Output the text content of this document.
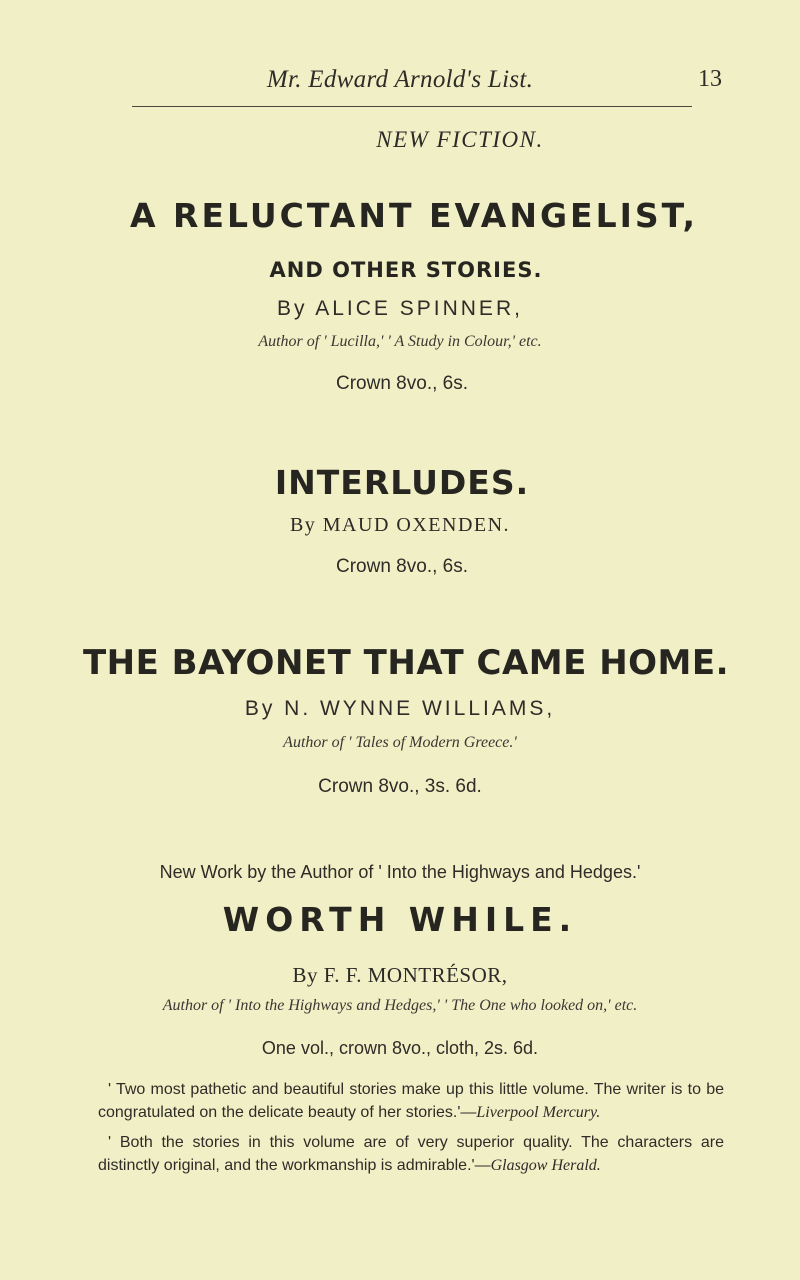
Mr. Edward Arnold's List.	13
NEW FICTION.
A RELUCTANT EVANGELIST,
AND OTHER STORIES.
By ALICE SPINNER,
Author of ' Lucilla,' ' A Study in Colour,' etc.
Crown 8vo., 6s.
INTERLUDES.
By MAUD OXENDEN.
Crown 8vo., 6s.
THE BAYONET THAT CAME HOME.
By N. WYNNE WILLIAMS,
Author of ' Tales of Modern Greece.'
Crown 8vo., 3s. 6d.
New Work by the Author of ' Into the Highways and Hedges.'
WORTH WHILE.
By F. F. MONTRÉSOR,
Author of ' Into the Highways and Hedges,' ' The One who looked on,' etc.
One vol., crown 8vo., cloth, 2s. 6d.
' Two most pathetic and beautiful stories make up this little volume. The writer is to be congratulated on the delicate beauty of her stories.'—Liverpool Mercury.
' Both the stories in this volume are of very superior quality. The characters are distinctly original, and the workmanship is admirable.'—Glasgow Herald.
